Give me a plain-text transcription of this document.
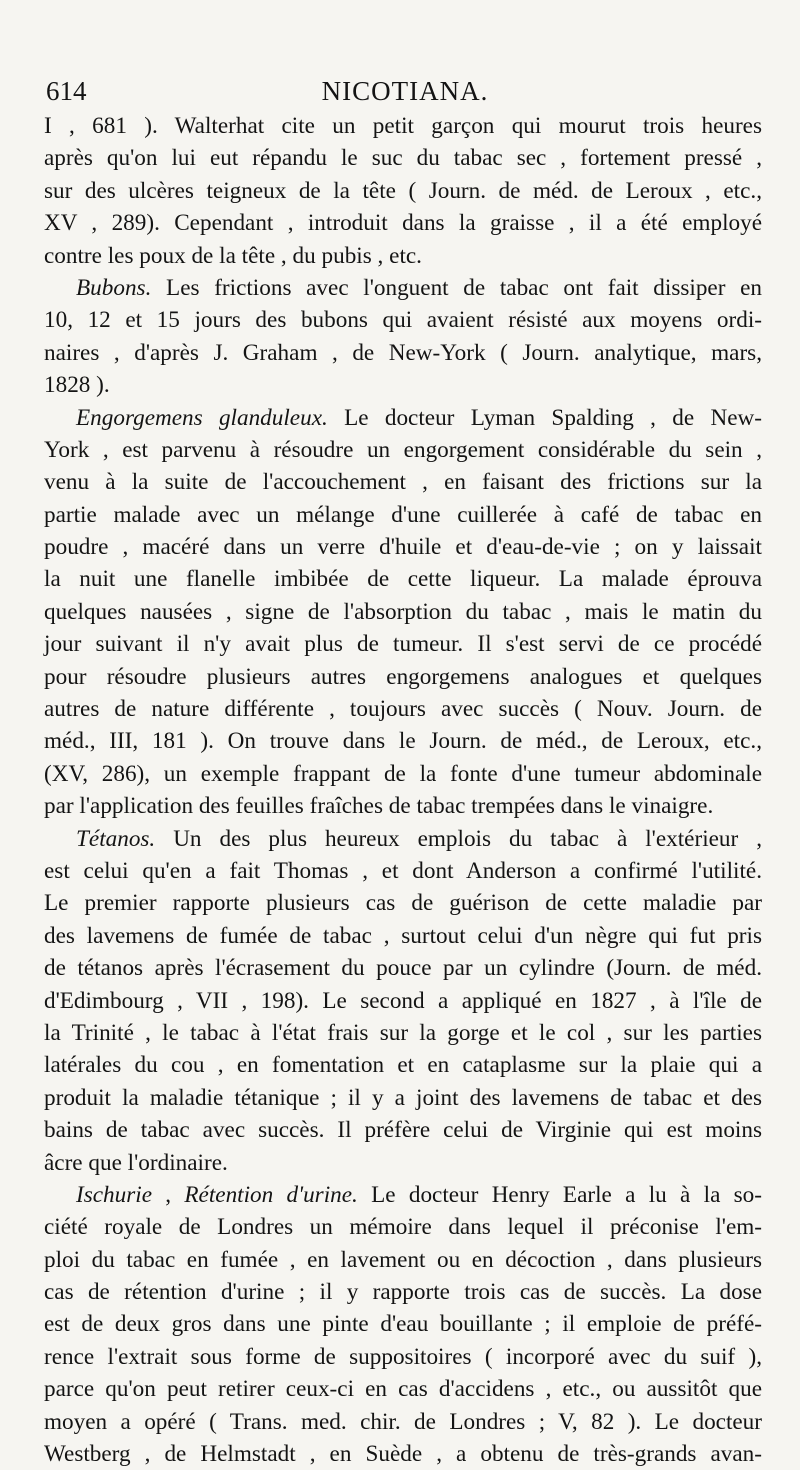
614	NICOTIANA.
I , 681 ). Walterhat cite un petit garçon qui mourut trois heures
après qu'on lui eut répandu le suc du tabac sec , fortement pressé ,
sur des ulcères teigneux de la tête ( Journ. de méd. de Leroux , etc.,
XV , 289). Cependant , introduit dans la graisse , il a été employé
contre les poux de la tête , du pubis , etc.
Bubons. Les frictions avec l'onguent de tabac ont fait dissiper en
10, 12 et 15 jours des bubons qui avaient résisté aux moyens ordi-
naires , d'après J. Graham , de New-York ( Journ. analytique, mars,
1828 ).
Engorgemens glanduleux. Le docteur Lyman Spalding , de New-
York , est parvenu à résoudre un engorgement considérable du sein ,
venu à la suite de l'accouchement , en faisant des frictions sur la
partie malade avec un mélange d'une cuillerée à café de tabac en
poudre , macéré dans un verre d'huile et d'eau-de-vie ; on y laissait
la nuit une flanelle imbibée de cette liqueur. La malade éprouva
quelques nausées , signe de l'absorption du tabac , mais le matin du
jour suivant il n'y avait plus de tumeur. Il s'est servi de ce procédé
pour résoudre plusieurs autres engorgemens analogues et quelques
autres de nature différente , toujours avec succès ( Nouv. Journ. de
méd., III, 181 ). On trouve dans le Journ. de méd., de Leroux, etc.,
(XV, 286), un exemple frappant de la fonte d'une tumeur abdominale
par l'application des feuilles fraîches de tabac trempées dans le vinaigre.
Tétanos. Un des plus heureux emplois du tabac à l'extérieur ,
est celui qu'en a fait Thomas , et dont Anderson a confirmé l'utilité.
Le premier rapporte plusieurs cas de guérison de cette maladie par
des lavemens de fumée de tabac , surtout celui d'un nègre qui fut pris
de tétanos après l'écrasement du pouce par un cylindre (Journ. de méd.
d'Edimbourg , VII , 198). Le second a appliqué en 1827 , à l'île de
la Trinité , le tabac à l'état frais sur la gorge et le col , sur les parties
latérales du cou , en fomentation et en cataplasme sur la plaie qui a
produit la maladie tétanique ; il y a joint des lavemens de tabac et des
bains de tabac avec succès. Il préfère celui de Virginie qui est moins
âcre que l'ordinaire.
Ischurie , Rétention d'urine. Le docteur Henry Earle a lu à la so-
ciété royale de Londres un mémoire dans lequel il préconise l'em-
ploi du tabac en fumée , en lavement ou en décoction , dans plusieurs
cas de rétention d'urine ; il y rapporte trois cas de succès. La dose
est de deux gros dans une pinte d'eau bouillante ; il emploie de préfé-
rence l'extrait sous forme de suppositoires ( incorporé avec du suif ),
parce qu'on peut retirer ceux-ci en cas d'accidens , etc., ou aussitôt que
moyen a opéré ( Trans. med. chir. de Londres ; V, 82 ). Le docteur
Westberg , de Helmstadt , en Suède , a obtenu de très-grands avan-
